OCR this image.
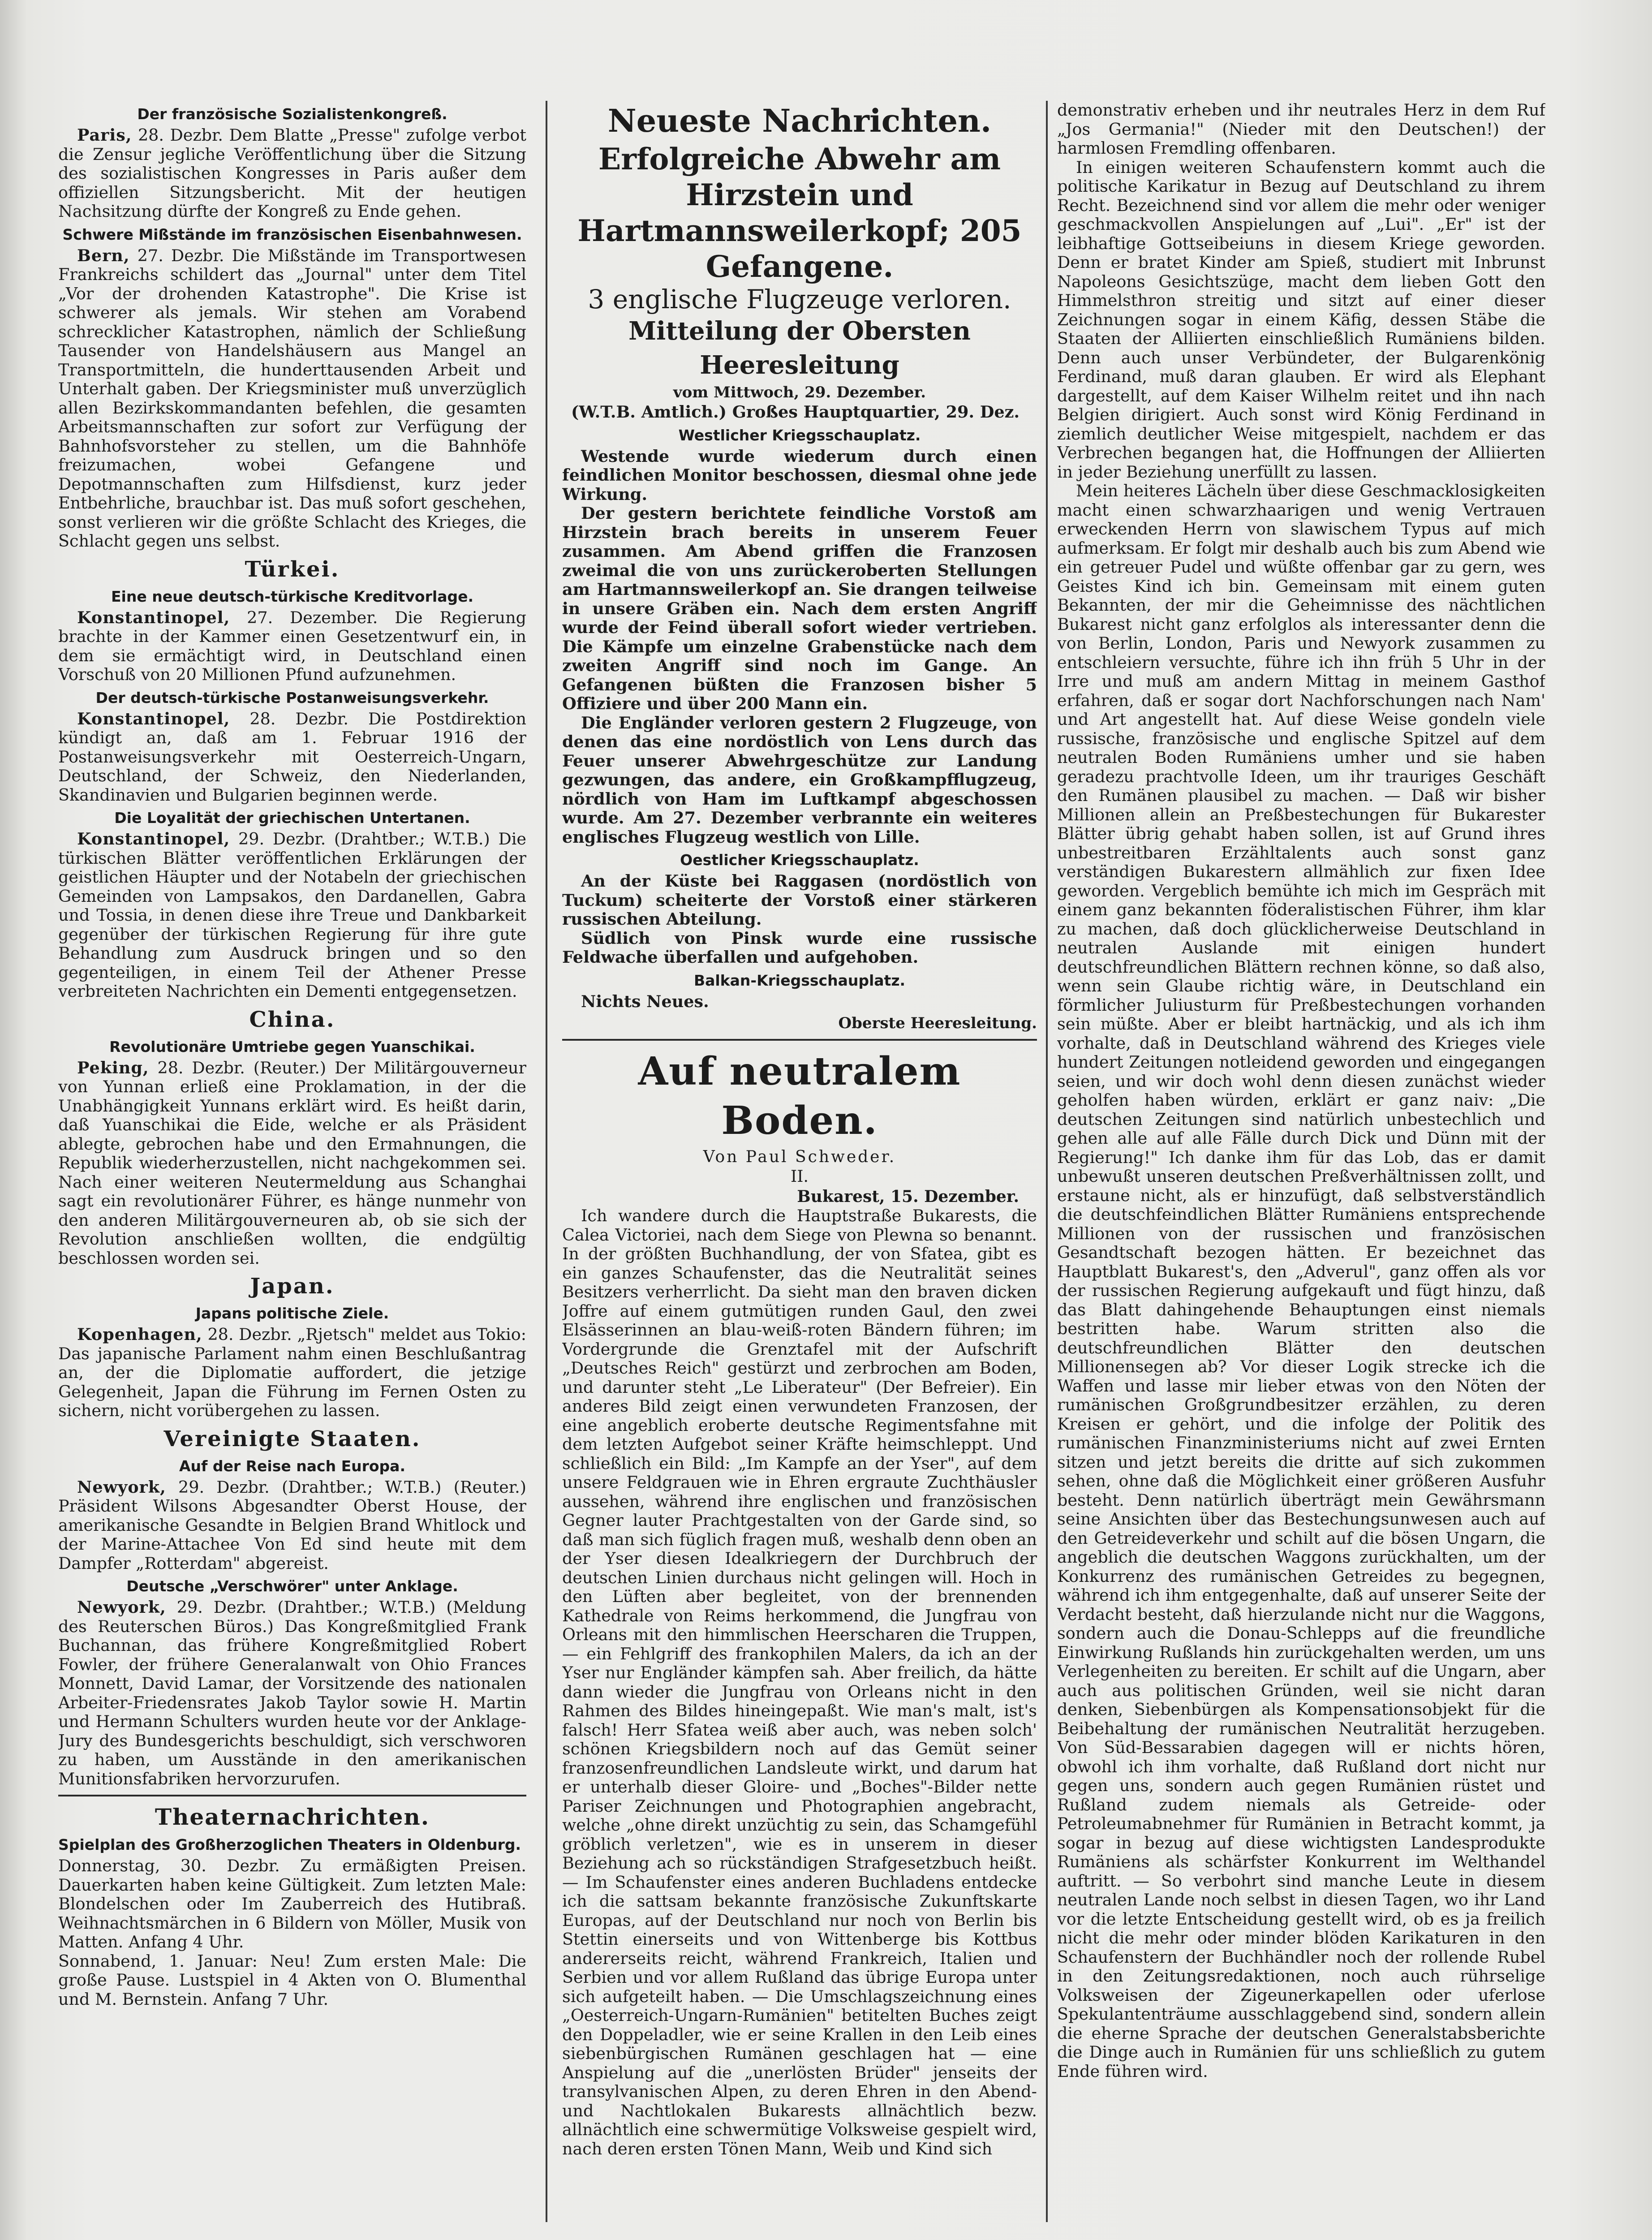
Der französische Sozialistenkongreß.

Paris, 28. Dezbr. Dem Blatte „Presse" zufolge verbot die Zensur jegliche Veröffentlichung über die Sitzung des sozialistischen Kongresses in Paris außer dem offiziellen Sitzungsbericht. Mit der heutigen Nachsitzung dürfte der Kongreß zu Ende gehen.

Schwere Mißstände im französischen Eisenbahnwesen.

Bern, 27. Dezbr. Die Mißstände im Transportwesen Frankreichs schildert das „Journal" unter dem Titel „Vor der drohenden Katastrophe". Die Krise ist schwerer als jemals. Wir stehen am Vorabend schrecklicher Katastrophen, nämlich der Schließung Tausender von Handelshäusern aus Mangel an Transportmitteln, die hunderttausenden Arbeit und Unterhalt gaben. Der Kriegsminister muß unverzüglich allen Bezirkskommandanten befehlen, die gesamten Arbeitsmannschaften zur sofort zur Verfügung der Bahnhofsvorsteher zu stellen, um die Bahnhöfe freizumachen, wobei Gefangene und Depotmannschaften zum Hilfsdienst, kurz jeder Entbehrliche, brauchbar ist. Das muß sofort geschehen, sonst verlieren wir die größte Schlacht des Krieges, die Schlacht gegen uns selbst.

Türkei.
Eine neue deutsch-türkische Kreditvorlage.

Konstantinopel, 27. Dezember. Die Regierung brachte in der Kammer einen Gesetzentwurf ein, in dem sie ermächtigt wird, in Deutschland einen Vorschuß von 20 Millionen Pfund aufzunehmen.

Der deutsch-türkische Postanweisungsverkehr.

Konstantinopel, 28. Dezbr. Die Postdirektion kündigt an, daß am 1. Februar 1916 der Postanweisungsverkehr mit Oesterreich-Ungarn, Deutschland, der Schweiz, den Niederlanden, Skandinavien und Bulgarien beginnen werde.

Die Loyalität der griechischen Untertanen.

Konstantinopel, 29. Dezbr. (Drahtber.; W.T.B.) Die türkischen Blätter veröffentlichen Erklärungen der geistlichen Häupter und der Notabeln der griechischen Gemeinden von Lampsakos, den Dardanellen, Gabra und Tossia, in denen diese ihre Treue und Dankbarkeit gegenüber der türkischen Regierung für ihre gute Behandlung zum Ausdruck bringen und so den gegenteiligen, in einem Teil der Athener Presse verbreiteten Nachrichten ein Dementi entgegensetzen.

China.
Revolutionäre Umtriebe gegen Yuanschikai.

Peking, 28. Dezbr. (Reuter.) Der Militärgouverneur von Yunnan erließ eine Proklamation, in der die Unabhängigkeit Yunnans erklärt wird. Es heißt darin, daß Yuanschikai die Eide, welche er als Präsident ablegte, gebrochen habe und den Ermahnungen, die Republik wiederherzustellen, nicht nachgekommen sei. Nach einer weiteren Neutermeldung aus Schanghai sagt ein revolutionärer Führer, es hänge nunmehr von den anderen Militärgouverneuren ab, ob sie sich der Revolution anschließen wollten, die endgültig beschlossen worden sei.

Japan.
Japans politische Ziele.

Kopenhagen, 28. Dezbr. „Rjetsch" meldet aus Tokio: Das japanische Parlament nahm einen Beschlußantrag an, der die Diplomatie auffordert, die jetzige Gelegenheit, Japan die Führung im Fernen Osten zu sichern, nicht vorübergehen zu lassen.

Vereinigte Staaten.
Auf der Reise nach Europa.

Newyork, 29. Dezbr. (Drahtber.; W.T.B.) (Reuter.) Präsident Wilsons Abgesandter Oberst House, der amerikanische Gesandte in Belgien Brand Whitlock und der Marine-Attachee Von Ed sind heute mit dem Dampfer „Rotterdam" abgereist.

Deutsche „Verschwörer" unter Anklage.

Newyork, 29. Dezbr. (Drahtber.; W.T.B.) (Meldung des Reuterschen Büros.) Das Kongreßmitglied Frank Buchannan, das frühere Kongreßmitglied Robert Fowler, der frühere Generalanwalt von Ohio Frances Monnett, David Lamar, der Vorsitzende des nationalen Arbeiter-Friedensrates Jakob Taylor sowie H. Martin und Hermann Schulters wurden heute vor der Anklage-Jury des Bundesgerichts beschuldigt, sich verschworen zu haben, um Ausstände in den amerikanischen Munitionsfabriken hervorzurufen.

Theaternachrichten.
Spielplan des Großherzoglichen Theaters in Oldenburg.

Donnerstag, 30. Dezbr. Zu ermäßigten Preisen. Dauerkarten haben keine Gültigkeit. Zum letzten Male: Blondelschen oder Im Zauberreich des Hutibraß. Weihnachtsmärchen in 6 Bildern von Möller, Musik von Matten. Anfang 4 Uhr.

Sonnabend, 1. Januar: Neu! Zum ersten Male: Die große Pause. Lustspiel in 4 Akten von O. Blumenthal und M. Bernstein. Anfang 7 Uhr.

Neueste Nachrichten.
Erfolgreiche Abwehr am Hirzstein und Hartmannsweilerkopf; 205 Gefangene.
3 englische Flugzeuge verloren.
Mitteilung der Obersten Heeresleitung
vom Mittwoch, 29. Dezember.

(W.T.B. Amtlich.) Großes Hauptquartier, 29. Dez.

Westlicher Kriegsschauplatz.

Westende wurde wiederum durch einen feindlichen Monitor beschossen, diesmal ohne jede Wirkung.

Der gestern berichtete feindliche Vorstoß am Hirzstein brach bereits in unserem Feuer zusammen. Am Abend griffen die Franzosen zweimal die von uns zurückeroberten Stellungen am Hartmannsweilerkopf an. Sie drangen teilweise in unsere Gräben ein. Nach dem ersten Angriff wurde der Feind überall sofort wieder vertrieben. Die Kämpfe um einzelne Grabenstücke nach dem zweiten Angriff sind noch im Gange. An Gefangenen büßten die Franzosen bisher 5 Offiziere und über 200 Mann ein.

Die Engländer verloren gestern 2 Flugzeuge, von denen das eine nordöstlich von Lens durch das Feuer unserer Abwehrgeschütze zur Landung gezwungen, das andere, ein Großkampfflugzeug, nördlich von Ham im Luftkampf abgeschossen wurde. Am 27. Dezember verbrannte ein weiteres englisches Flugzeug westlich von Lille.

Oestlicher Kriegsschauplatz.

An der Küste bei Raggasen (nordöstlich von Tuckum) scheiterte der Vorstoß einer stärkeren russischen Abteilung.

Südlich von Pinsk wurde eine russische Feldwache überfallen und aufgehoben.

Balkan-Kriegsschauplatz.

Nichts Neues.

Oberste Heeresleitung.
Auf neutralem Boden.

Von Paul Schweder.

II.

Bukarest, 15. Dezember.

Ich wandere durch die Hauptstraße Bukarests, die Calea Victoriei, nach dem Siege von Plewna so benannt. In der größten Buchhandlung, der von Sfatea, gibt es ein ganzes Schaufenster, das die Neutralität seines Besitzers verherrlicht. Da sieht man den braven dicken Joffre auf einem gutmütigen runden Gaul, den zwei Elsässerinnen an blau-weiß-roten Bändern führen; im Vordergrunde die Grenztafel mit der Aufschrift „Deutsches Reich" gestürzt und zerbrochen am Boden, und darunter steht „Le Liberateur" (Der Befreier). Ein anderes Bild zeigt einen verwundeten Franzosen, der eine angeblich eroberte deutsche Regimentsfahne mit dem letzten Aufgebot seiner Kräfte heimschleppt. Und schließlich ein Bild: „Im Kampfe an der Yser", auf dem unsere Feldgrauen wie in Ehren ergraute Zuchthäusler aussehen, während ihre englischen und französischen Gegner lauter Prachtgestalten von der Garde sind, so daß man sich füglich fragen muß, weshalb denn oben an der Yser diesen Idealkriegern der Durchbruch der deutschen Linien durchaus nicht gelingen will. Hoch in den Lüften aber begleitet, von der brennenden Kathedrale von Reims herkommend, die Jungfrau von Orleans mit den himmlischen Heerscharen die Truppen, — ein Fehlgriff des frankophilen Malers, da ich an der Yser nur Engländer kämpfen sah. Aber freilich, da hätte dann wieder die Jungfrau von Orleans nicht in den Rahmen des Bildes hineingepaßt. Wie man's malt, ist's falsch! Herr Sfatea weiß aber auch, was neben solch' schönen Kriegsbildern noch auf das Gemüt seiner franzosenfreundlichen Landsleute wirkt, und darum hat er unterhalb dieser Gloire- und „Boches"-Bilder nette Pariser Zeichnungen und Photographien angebracht, welche „ohne direkt unzüchtig zu sein, das Schamgefühl gröblich verletzen", wie es in unserem in dieser Beziehung ach so rückständigen Strafgesetzbuch heißt. — Im Schaufenster eines anderen Buchladens entdecke ich die sattsam bekannte französische Zukunftskarte Europas, auf der Deutschland nur noch von Berlin bis Stettin einerseits und von Wittenberge bis Kottbus andererseits reicht, während Frankreich, Italien und Serbien und vor allem Rußland das übrige Europa unter sich aufgeteilt haben. — Die Umschlagszeichnung eines „Oesterreich-Ungarn-Rumänien" betitelten Buches zeigt den Doppeladler, wie er seine Krallen in den Leib eines siebenbürgischen Rumänen geschlagen hat — eine Anspielung auf die „unerlösten Brüder" jenseits der transylvanischen Alpen, zu deren Ehren in den Abend- und Nachtlokalen Bukarests allnächtlich bezw. allnächtlich eine schwermütige Volksweise gespielt wird, nach deren ersten Tönen Mann, Weib und Kind sich

demonstrativ erheben und ihr neutrales Herz in dem Ruf „Jos Germania!" (Nieder mit den Deutschen!) der harmlosen Fremdling offenbaren.

In einigen weiteren Schaufenstern kommt auch die politische Karikatur in Bezug auf Deutschland zu ihrem Recht. Bezeichnend sind vor allem die mehr oder weniger geschmackvollen Anspielungen auf „Lui". „Er" ist der leibhaftige Gottseibeiuns in diesem Kriege geworden. Denn er bratet Kinder am Spieß, studiert mit Inbrunst Napoleons Gesichtszüge, macht dem lieben Gott den Himmelsthron streitig und sitzt auf einer dieser Zeichnungen sogar in einem Käfig, dessen Stäbe die Staaten der Alliierten einschließlich Rumäniens bilden. Denn auch unser Verbündeter, der Bulgarenkönig Ferdinand, muß daran glauben. Er wird als Elephant dargestellt, auf dem Kaiser Wilhelm reitet und ihn nach Belgien dirigiert. Auch sonst wird König Ferdinand in ziemlich deutlicher Weise mitgespielt, nachdem er das Verbrechen begangen hat, die Hoffnungen der Alliierten in jeder Beziehung unerfüllt zu lassen.

Mein heiteres Lächeln über diese Geschmacklosigkeiten macht einen schwarzhaarigen und wenig Vertrauen erweckenden Herrn von slawischem Typus auf mich aufmerksam. Er folgt mir deshalb auch bis zum Abend wie ein getreuer Pudel und wüßte offenbar gar zu gern, wes Geistes Kind ich bin. Gemeinsam mit einem guten Bekannten, der mir die Geheimnisse des nächtlichen Bukarest nicht ganz erfolglos als interessanter denn die von Berlin, London, Paris und Newyork zusammen zu entschleiern versuchte, führe ich ihn früh 5 Uhr in der Irre und muß am andern Mittag in meinem Gasthof erfahren, daß er sogar dort Nachforschungen nach Nam' und Art angestellt hat. Auf diese Weise gondeln viele russische, französische und englische Spitzel auf dem neutralen Boden Rumäniens umher und sie haben geradezu prachtvolle Ideen, um ihr trauriges Geschäft den Rumänen plausibel zu machen. — Daß wir bisher Millionen allein an Preßbestechungen für Bukarester Blätter übrig gehabt haben sollen, ist auf Grund ihres unbestreitbaren Erzähltalents auch sonst ganz verständigen Bukarestern allmählich zur fixen Idee geworden. Vergeblich bemühte ich mich im Gespräch mit einem ganz bekannten föderalistischen Führer, ihm klar zu machen, daß doch glücklicherweise Deutschland in neutralen Auslande mit einigen hundert deutschfreundlichen Blättern rechnen könne, so daß also, wenn sein Glaube richtig wäre, in Deutschland ein förmlicher Juliusturm für Preßbestechungen vorhanden sein müßte. Aber er bleibt hartnäckig, und als ich ihm vorhalte, daß in Deutschland während des Krieges viele hundert Zeitungen notleidend geworden und eingegangen seien, und wir doch wohl denn diesen zunächst wieder geholfen haben würden, erklärt er ganz naiv: „Die deutschen Zeitungen sind natürlich unbestechlich und gehen alle auf alle Fälle durch Dick und Dünn mit der Regierung!" Ich danke ihm für das Lob, das er damit unbewußt unseren deutschen Preßverhältnissen zollt, und erstaune nicht, als er hinzufügt, daß selbstverständlich die deutschfeindlichen Blätter Rumäniens entsprechende Millionen von der russischen und französischen Gesandtschaft bezogen hätten. Er bezeichnet das Hauptblatt Bukarest's, den „Adverul", ganz offen als vor der russischen Regierung aufgekauft und fügt hinzu, daß das Blatt dahingehende Behauptungen einst niemals bestritten habe. Warum stritten also die deutschfreundlichen Blätter den deutschen Millionensegen ab? Vor dieser Logik strecke ich die Waffen und lasse mir lieber etwas von den Nöten der rumänischen Großgrundbesitzer erzählen, zu deren Kreisen er gehört, und die infolge der Politik des rumänischen Finanzministeriums nicht auf zwei Ernten sitzen und jetzt bereits die dritte auf sich zukommen sehen, ohne daß die Möglichkeit einer größeren Ausfuhr besteht. Denn natürlich überträgt mein Gewährsmann seine Ansichten über das Bestechungsunwesen auch auf den Getreideverkehr und schilt auf die bösen Ungarn, die angeblich die deutschen Waggons zurückhalten, um der Konkurrenz des rumänischen Getreides zu begegnen, während ich ihm entgegenhalte, daß auf unserer Seite der Verdacht besteht, daß hierzulande nicht nur die Waggons, sondern auch die Donau-Schlepps auf die freundliche Einwirkung Rußlands hin zurückgehalten werden, um uns Verlegenheiten zu bereiten. Er schilt auf die Ungarn, aber auch aus politischen Gründen, weil sie nicht daran denken, Siebenbürgen als Kompensationsobjekt für die Beibehaltung der rumänischen Neutralität herzugeben. Von Süd-Bessarabien dagegen will er nichts hören, obwohl ich ihm vorhalte, daß Rußland dort nicht nur gegen uns, sondern auch gegen Rumänien rüstet und Rußland zudem niemals als Getreide- oder Petroleumabnehmer für Rumänien in Betracht kommt, ja sogar in bezug auf diese wichtigsten Landesprodukte Rumäniens als schärfster Konkurrent im Welthandel auftritt. — So verbohrt sind manche Leute in diesem neutralen Lande noch selbst in diesen Tagen, wo ihr Land vor die letzte Entscheidung gestellt wird, ob es ja freilich nicht die mehr oder minder blöden Karikaturen in den Schaufenstern der Buchhändler noch der rollende Rubel in den Zeitungsredaktionen, noch auch rührselige Volksweisen der Zigeunerkapellen oder uferlose Spekulantenträume ausschlaggebend sind, sondern allein die eherne Sprache der deutschen Generalstabsberichte die Dinge auch in Rumänien für uns schließlich zu gutem Ende führen wird.
